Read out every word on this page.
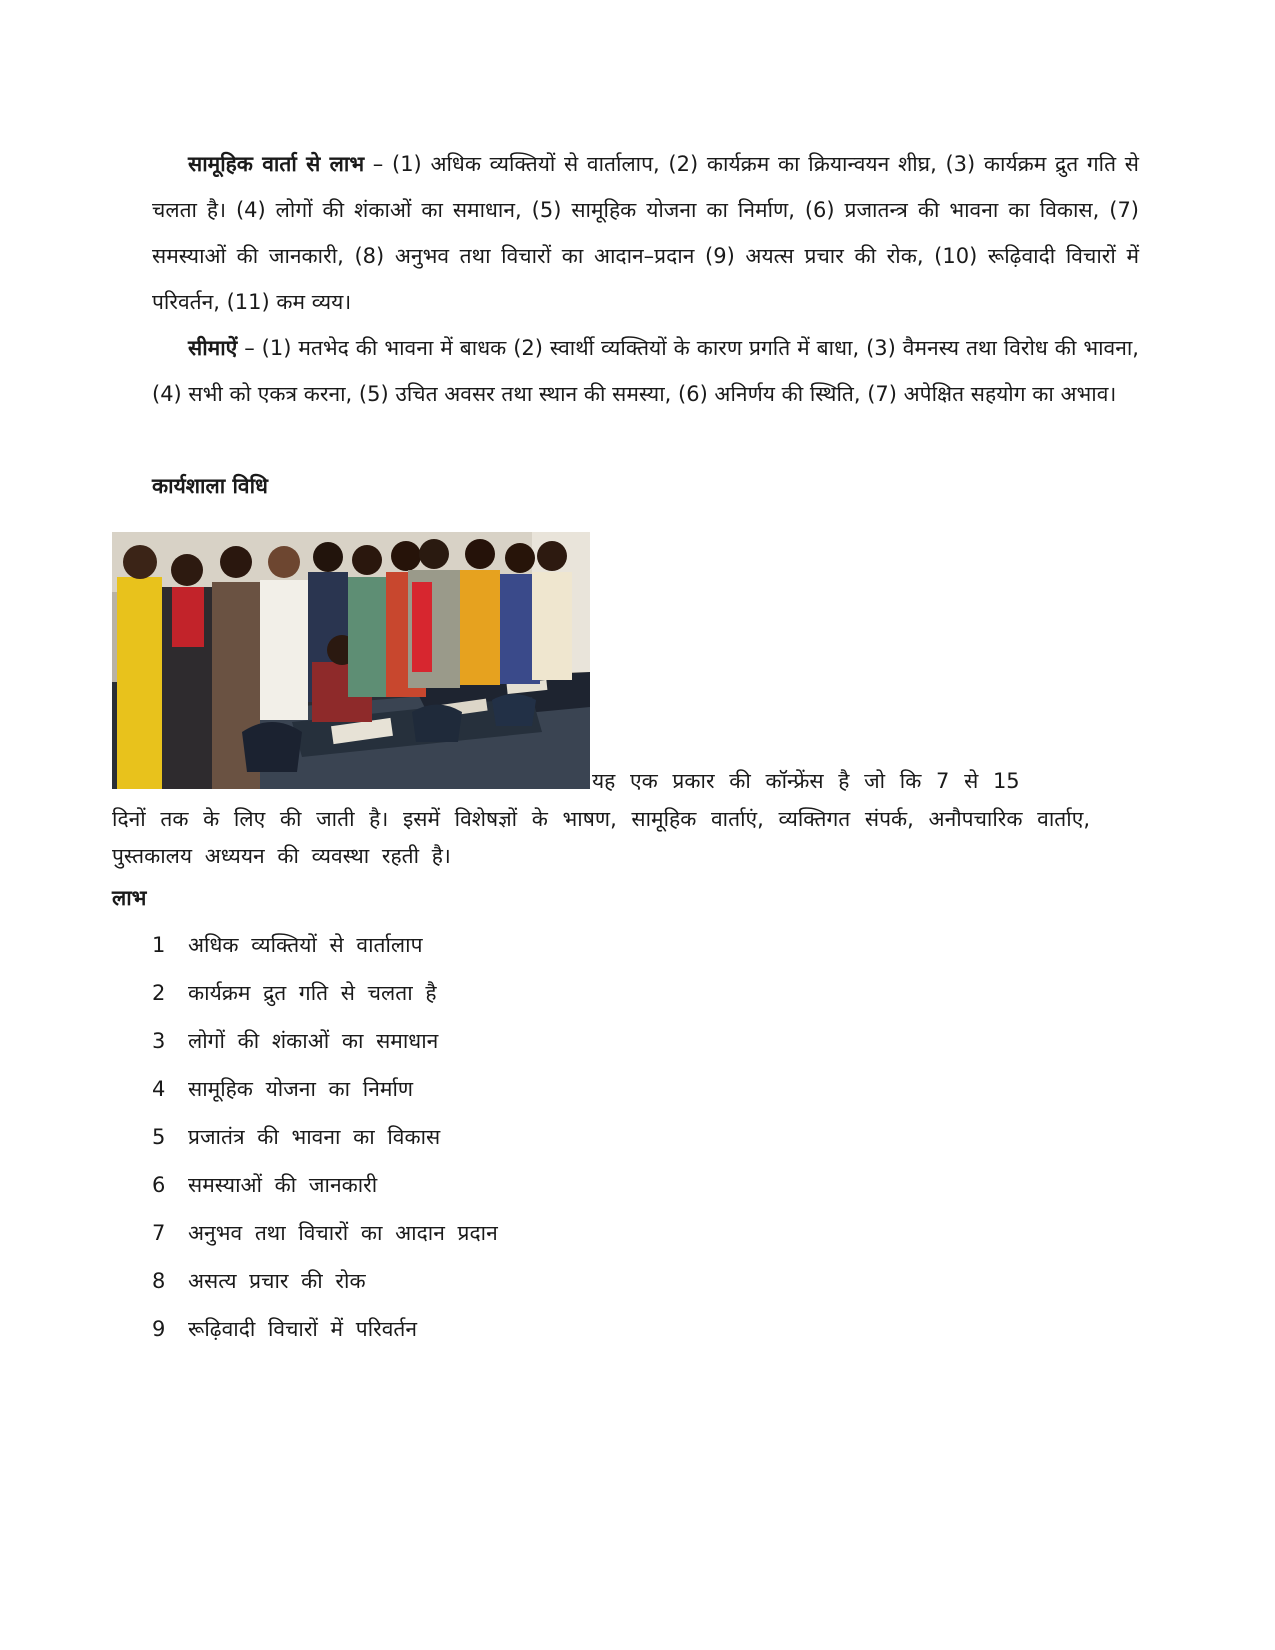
सामूहिक वार्ता से लाभ – (1) अधिक व्यक्तियों से वार्तालाप, (2) कार्यक्रम का क्रियान्वयन शीघ्र, (3) कार्यक्रम द्रुत गति से चलता है। (4) लोगों की शंकाओं का समाधान, (5) सामूहिक योजना का निर्माण, (6) प्रजातन्त्र की भावना का विकास, (7) समस्याओं की जानकारी, (8) अनुभव तथा विचारों का आदान–प्रदान (9) अयत्स प्रचार की रोक, (10) रूढ़िवादी विचारों में परिवर्तन, (11) कम व्यय।

सीमाऐं – (1) मतभेद की भावना में बाधक (2) स्वार्थी व्यक्तियों के कारण प्रगति में बाधा, (3) वैमनस्य तथा विरोध की भावना, (4) सभी को एकत्र करना, (5) उचित अवसर तथा स्थान की समस्या, (6) अनिर्णय की स्थिति, (7) अपेक्षित सहयोग का अभाव।

कार्यशाला विधि

यह एक प्रकार की कॉन्फ्रेंस है जो कि 7 से 15

दिनों तक के लिए की जाती है। इसमें विशेषज्ञों के भाषण, सामूहिक वार्ताएं, व्यक्तिगत संपर्क, अनौपचारिक वार्ताए, पुस्तकालय अध्ययन की व्यवस्था रहती है।

लाभ

1	अधिक व्यक्तियों से वार्तालाप
2	कार्यक्रम द्रुत गति से चलता है
3	लोगों की शंकाओं का समाधान
4	सामूहिक योजना का निर्माण
5	प्रजातंत्र की भावना का विकास
6	समस्याओं की जानकारी
7	अनुभव तथा विचारों का आदान प्रदान
8	असत्य प्रचार की रोक
9	रूढ़िवादी विचारों में परिवर्तन
